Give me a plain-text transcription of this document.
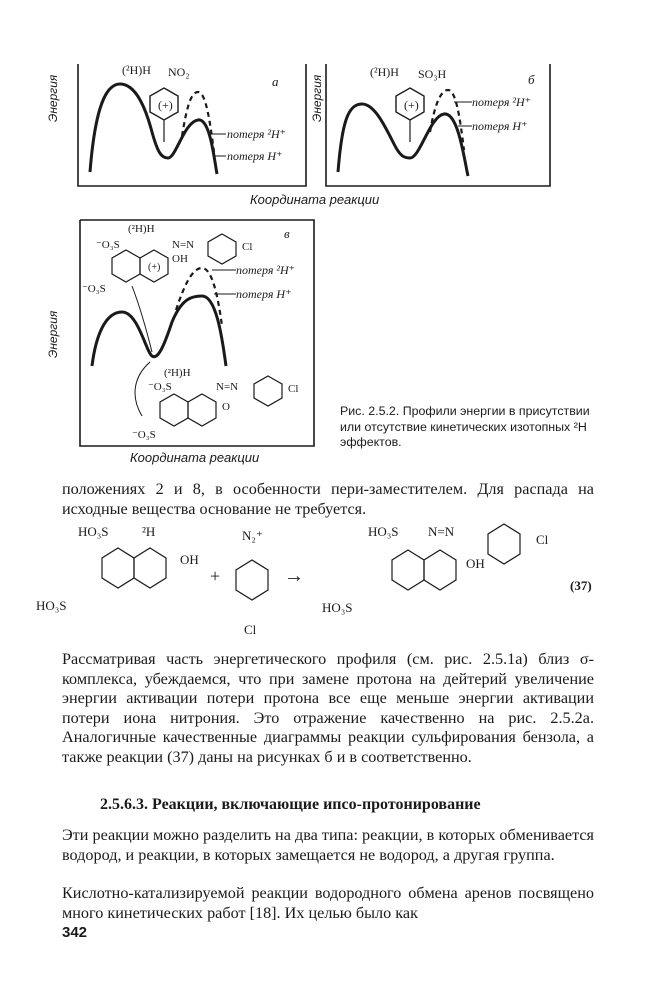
а
(²H)H NO₂
(+)
потеря ²H⁺
потеря H⁺
Энергия	б
(²H)H SO₃H
(+)	потеря ²H⁺
потеря H⁺
Энергия
Координата реакции
в
(²H)H
⁻O₃S	N=N	Cl
(+)
OH
⁻O₃S
потеря ²H⁺
потеря H⁺
(²H)H
⁻O₃S	N=N	Cl
O
⁻O₃S
Энергия
Координата реакции
Рис. 2.5.2. Профили энергии в присутствии или отсутствие кинетических изотопных ²H эффектов.
положениях 2 и 8, в особенности пери-заместителем. Для распада на исходные вещества основание не требуется.
HO₃S	²H
OH
HO₃S
+
N₂⁺
Cl
→
HO₃S N=N
Cl
OH
HO₃S
(37)
Рассматривая часть энергетического профиля (см. рис. 2.5.1а) близ σ-комплекса, убеждаемся, что при замене протона на дейтерий увеличение энергии активации потери протона все еще меньше энергии активации потери иона нитрония. Это отражение качественно на рис. 2.5.2а. Аналогичные качественные диаграммы реакции сульфирования бензола, а также реакции (37) даны на рисунках б и в соответственно.
2.5.6.3. Реакции, включающие ипсо-протонирование
Эти реакции можно разделить на два типа: реакции, в которых обменивается водород, и реакции, в которых замещается не водород, а другая группа.
Кислотно-катализируемой реакции водородного обмена аренов посвящено много кинетических работ [18]. Их целью было как
342
